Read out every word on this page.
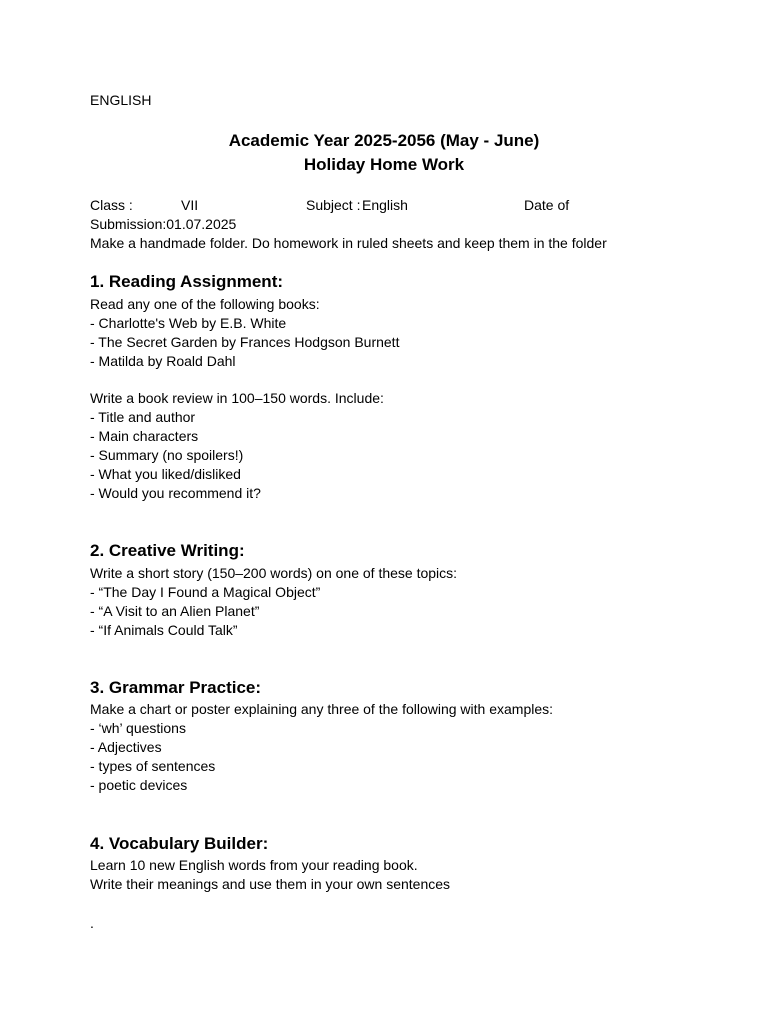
ENGLISH
Academic Year 2025-2056 (May - June)
Holiday Home Work
Class :	VII	Subject : English	Date of
Submission:01.07.2025
Make a handmade folder. Do homework in ruled sheets and keep them in the folder
1. Reading Assignment:
Read any one of the following books:
- Charlotte's Web by E.B. White
- The Secret Garden by Frances Hodgson Burnett
- Matilda by Roald Dahl
Write a book review in 100–150 words. Include:
- Title and author
- Main characters
- Summary (no spoilers!)
- What you liked/disliked
- Would you recommend it?
2. Creative Writing:
Write a short story (150–200 words) on one of these topics:
- “The Day I Found a Magical Object”
- “A Visit to an Alien Planet”
- “If Animals Could Talk”
3. Grammar Practice:
Make a chart or poster explaining any three of the following with examples:
- ‘wh’ questions
- Adjectives
- types of sentences
- poetic devices
4. Vocabulary Builder:
Learn 10 new English words from your reading book.
Write their meanings and use them in your own sentences
.
